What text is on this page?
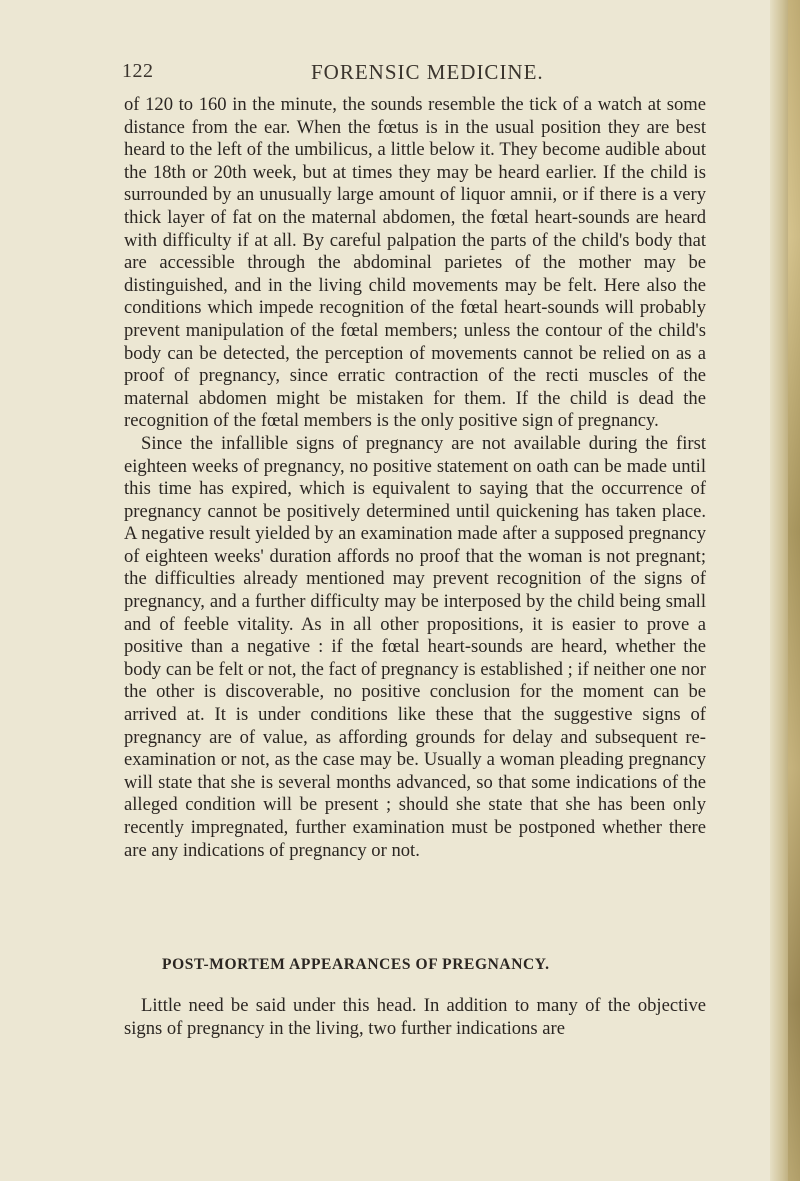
122	FORENSIC MEDICINE.

of 120 to 160 in the minute, the sounds resemble the tick of a watch at some distance from the ear. When the fœtus is in the usual position they are best heard to the left of the umbilicus, a little below it. They become audible about the 18th or 20th week, but at times they may be heard earlier. If the child is surrounded by an unusually large amount of liquor amnii, or if there is a very thick layer of fat on the maternal abdomen, the fœtal heart-sounds are heard with difficulty if at all. By careful palpation the parts of the child's body that are accessible through the abdominal parietes of the mother may be distinguished, and in the living child movements may be felt. Here also the conditions which impede recognition of the fœtal heart-sounds will probably prevent manipulation of the fœtal members; unless the contour of the child's body can be detected, the perception of movements cannot be relied on as a proof of pregnancy, since erratic contraction of the recti muscles of the maternal abdomen might be mistaken for them. If the child is dead the recognition of the fœtal members is the only positive sign of pregnancy.

Since the infallible signs of pregnancy are not available during the first eighteen weeks of pregnancy, no positive statement on oath can be made until this time has expired, which is equivalent to saying that the occurrence of pregnancy cannot be positively determined until quickening has taken place. A negative result yielded by an examination made after a supposed pregnancy of eighteen weeks' duration affords no proof that the woman is not pregnant; the difficulties already mentioned may prevent recognition of the signs of pregnancy, and a further difficulty may be interposed by the child being small and of feeble vitality. As in all other propositions, it is easier to prove a positive than a negative : if the fœtal heart-sounds are heard, whether the body can be felt or not, the fact of pregnancy is established ; if neither one nor the other is discoverable, no positive conclusion for the moment can be arrived at. It is under conditions like these that the suggestive signs of pregnancy are of value, as affording grounds for delay and subsequent re-examination or not, as the case may be. Usually a woman pleading pregnancy will state that she is several months advanced, so that some indications of the alleged condition will be present ; should she state that she has been only recently impregnated, further examination must be postponed whether there are any indications of pregnancy or not.

POST-MORTEM APPEARANCES OF PREGNANCY.

Little need be said under this head. In addition to many of the objective signs of pregnancy in the living, two further indications are
